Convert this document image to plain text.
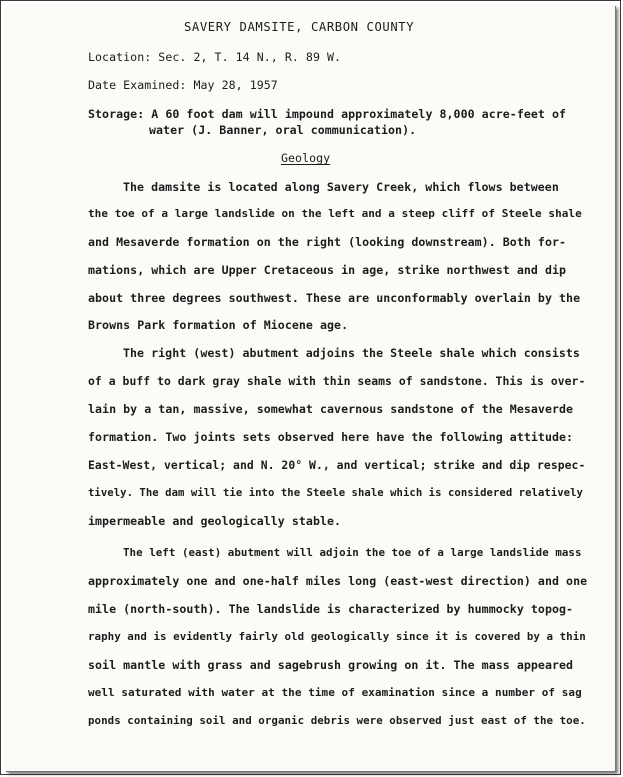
SAVERY DAMSITE, CARBON COUNTY
Location: Sec. 2, T. 14 N., R. 89 W.
Date Examined: May 28, 1957
Storage: A 60 foot dam will impound approximately 8,000 acre-feet of
water (J. Banner, oral communication).
Geology
The damsite is located along Savery Creek, which flows between
the toe of a large landslide on the left and a steep cliff of Steele shale
and Mesaverde formation on the right (looking downstream). Both for-
mations, which are Upper Cretaceous in age, strike northwest and dip
about three degrees southwest. These are unconformably overlain by the
Browns Park formation of Miocene age.
The right (west) abutment adjoins the Steele shale which consists
of a buff to dark gray shale with thin seams of sandstone. This is over-
lain by a tan, massive, somewhat cavernous sandstone of the Mesaverde
formation. Two joints sets observed here have the following attitude:
East-West, vertical; and N. 20° W., and vertical; strike and dip respec-
tively. The dam will tie into the Steele shale which is considered relatively
impermeable and geologically stable.
The left (east) abutment will adjoin the toe of a large landslide mass
approximately one and one-half miles long (east-west direction) and one
mile (north-south). The landslide is characterized by hummocky topog-
raphy and is evidently fairly old geologically since it is covered by a thin
soil mantle with grass and sagebrush growing on it. The mass appeared
well saturated with water at the time of examination since a number of sag
ponds containing soil and organic debris were observed just east of the toe.
